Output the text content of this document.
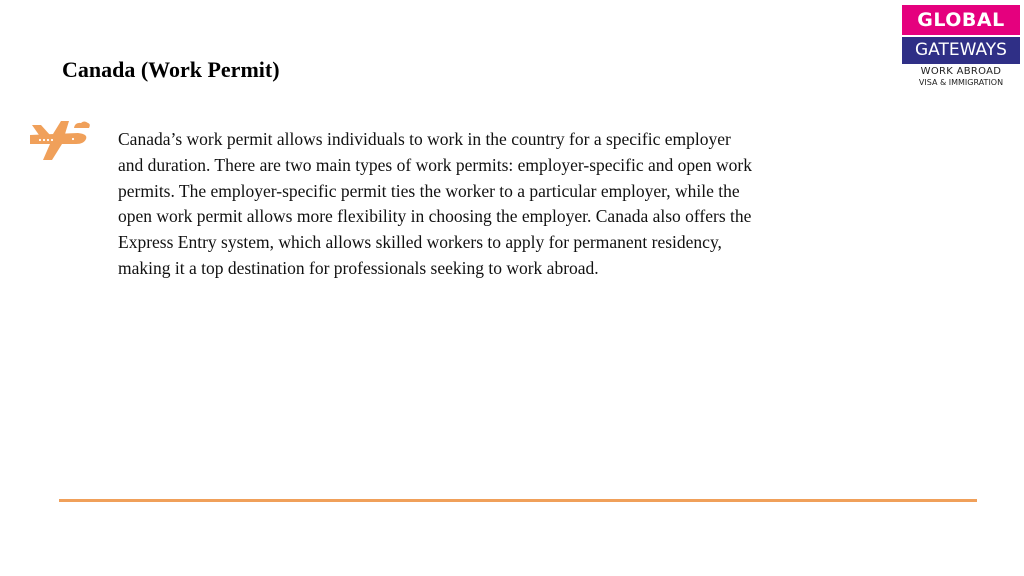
GLOBAL
GATEWAYS
WORK ABROAD
VISA & IMMIGRATION
Canada (Work Permit)
Canada’s work permit allows individuals to work in the country for a specific employer and duration. There are two main types of work permits: employer-specific and open work permits. The employer-specific permit ties the worker to a particular employer, while the open work permit allows more flexibility in choosing the employer. Canada also offers the Express Entry system, which allows skilled workers to apply for permanent residency, making it a top destination for professionals seeking to work abroad.
